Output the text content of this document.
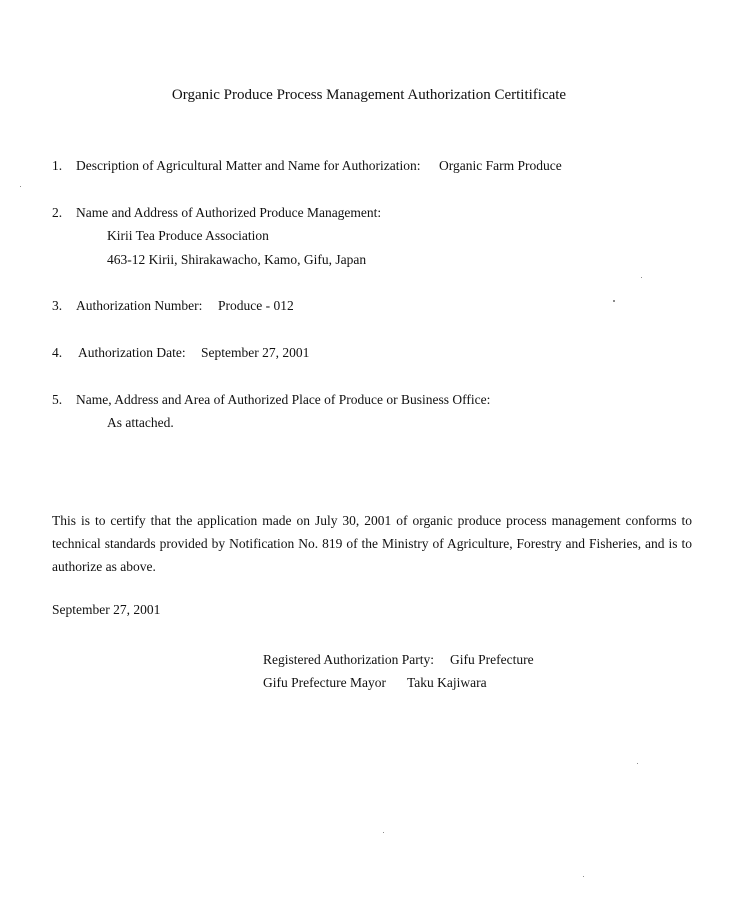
Organic Produce Process Management Authorization Certitificate
1. Description of Agricultural Matter and Name for Authorization: Organic Farm Produce
2. Name and Address of Authorized Produce Management:
Kirii Tea Produce Association
463-12 Kirii, Shirakawacho, Kamo, Gifu, Japan
3. Authorization Number: Produce - 012
4. Authorization Date: September 27, 2001
5. Name, Address and Area of Authorized Place of Produce or Business Office:
As attached.
This is to certify that the application made on July 30, 2001 of organic produce process management conforms to technical standards provided by Notification No. 819 of the Ministry of Agriculture, Forestry and Fisheries, and is to authorize as above.
September 27, 2001
Registered Authorization Party: Gifu Prefecture
Gifu Prefecture Mayor Taku Kajiwara
